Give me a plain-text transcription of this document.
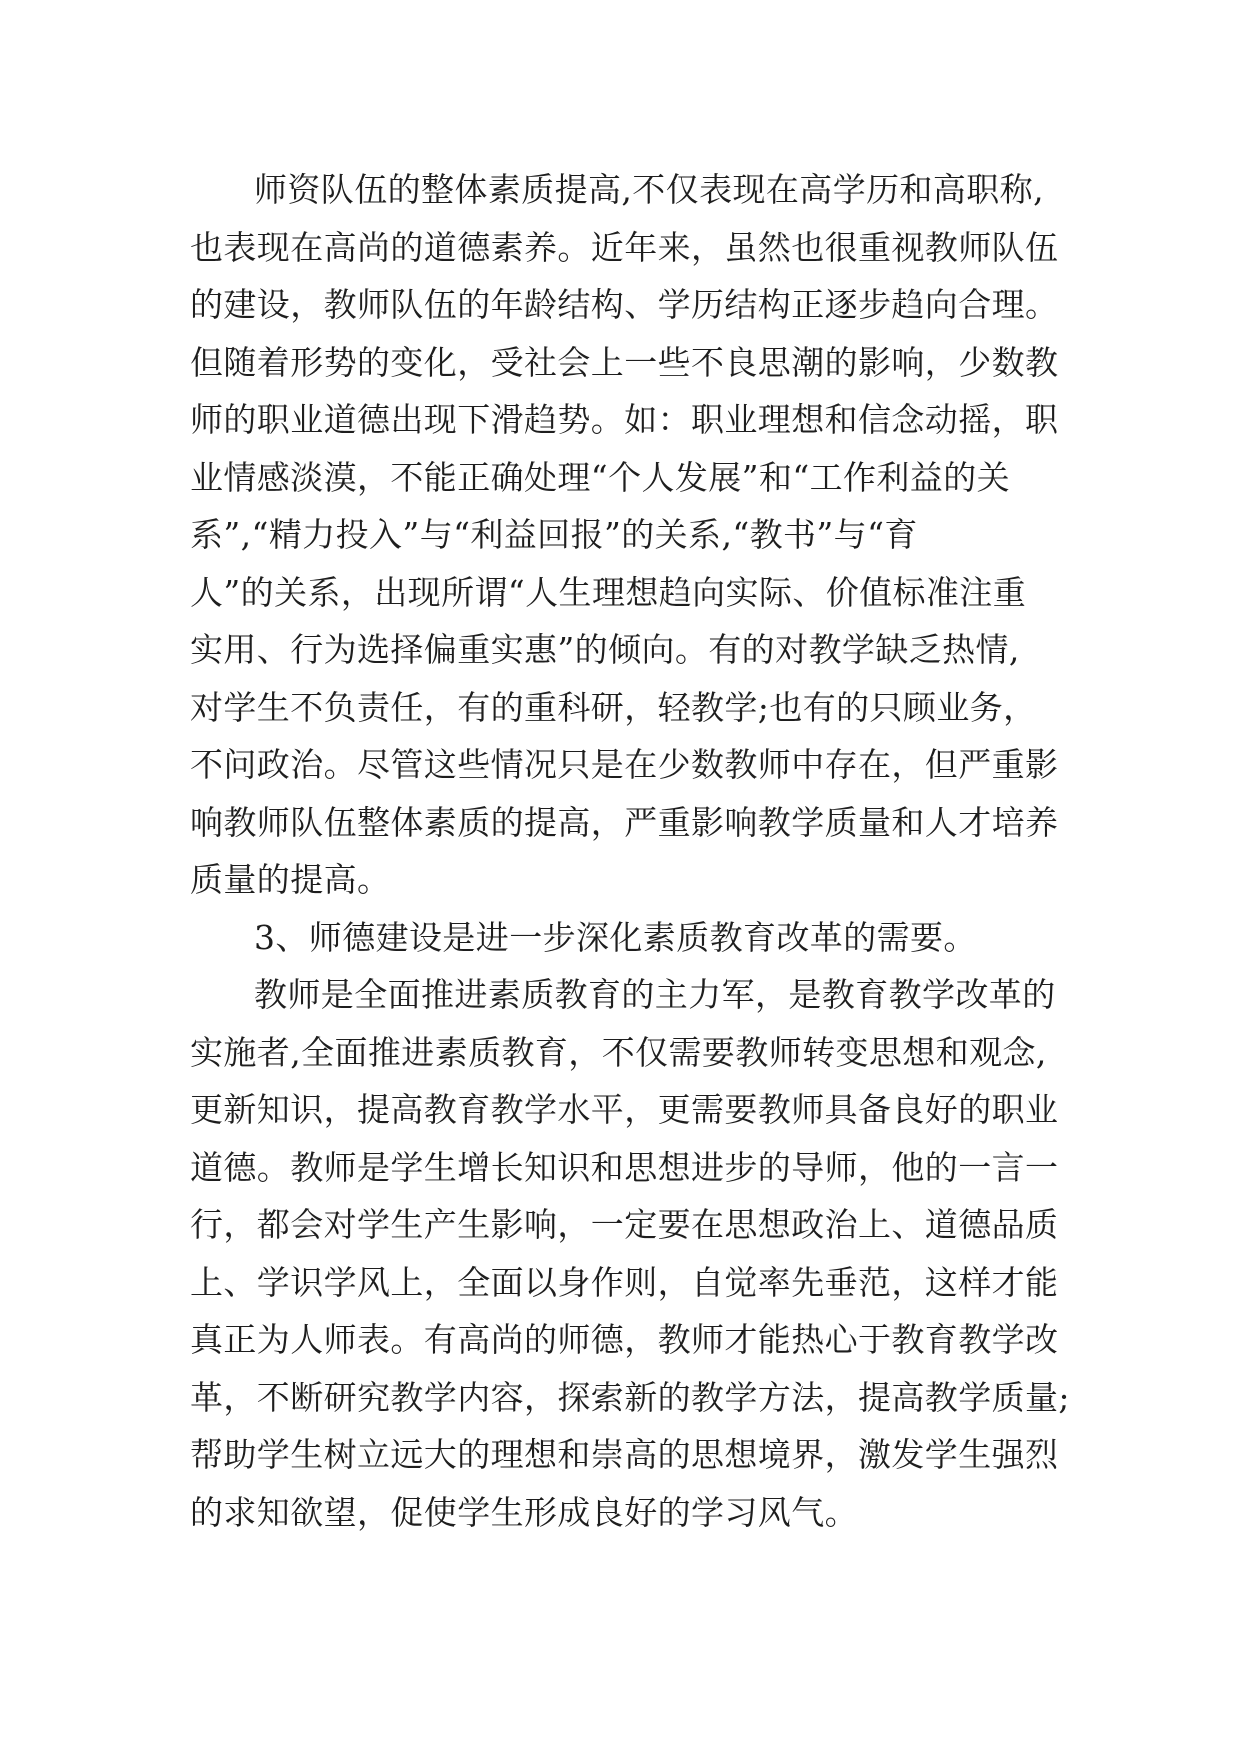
师资队伍的整体素质提高,不仅表现在高学历和高职称,
也表现在高尚的道德素养。近年来，虽然也很重视教师队伍
的建设，教师队伍的年龄结构、学历结构正逐步趋向合理。
但随着形势的变化，受社会上一些不良思潮的影响，少数教
师的职业道德出现下滑趋势。如：职业理想和信念动摇，职
业情感淡漠，不能正确处理“个人发展”和“工作利益的关
系”,“精力投入”与“利益回报”的关系,“教书”与“育
人”的关系，出现所谓“人生理想趋向实际、价值标准注重
实用、行为选择偏重实惠”的倾向。有的对教学缺乏热情,
对学生不负责任，有的重科研，轻教学;也有的只顾业务，
不问政治。尽管这些情况只是在少数教师中存在，但严重影
响教师队伍整体素质的提高，严重影响教学质量和人才培养
质量的提高。
3、师德建设是进一步深化素质教育改革的需要。
教师是全面推进素质教育的主力军，是教育教学改革的
实施者,全面推进素质教育，不仅需要教师转变思想和观念,
更新知识，提高教育教学水平，更需要教师具备良好的职业
道德。教师是学生增长知识和思想进步的导师，他的一言一
行，都会对学生产生影响，一定要在思想政治上、道德品质
上、学识学风上，全面以身作则，自觉率先垂范，这样才能
真正为人师表。有高尚的师德，教师才能热心于教育教学改
革，不断研究教学内容，探索新的教学方法，提高教学质量;
帮助学生树立远大的理想和崇高的思想境界，激发学生强烈
的求知欲望，促使学生形成良好的学习风气。
